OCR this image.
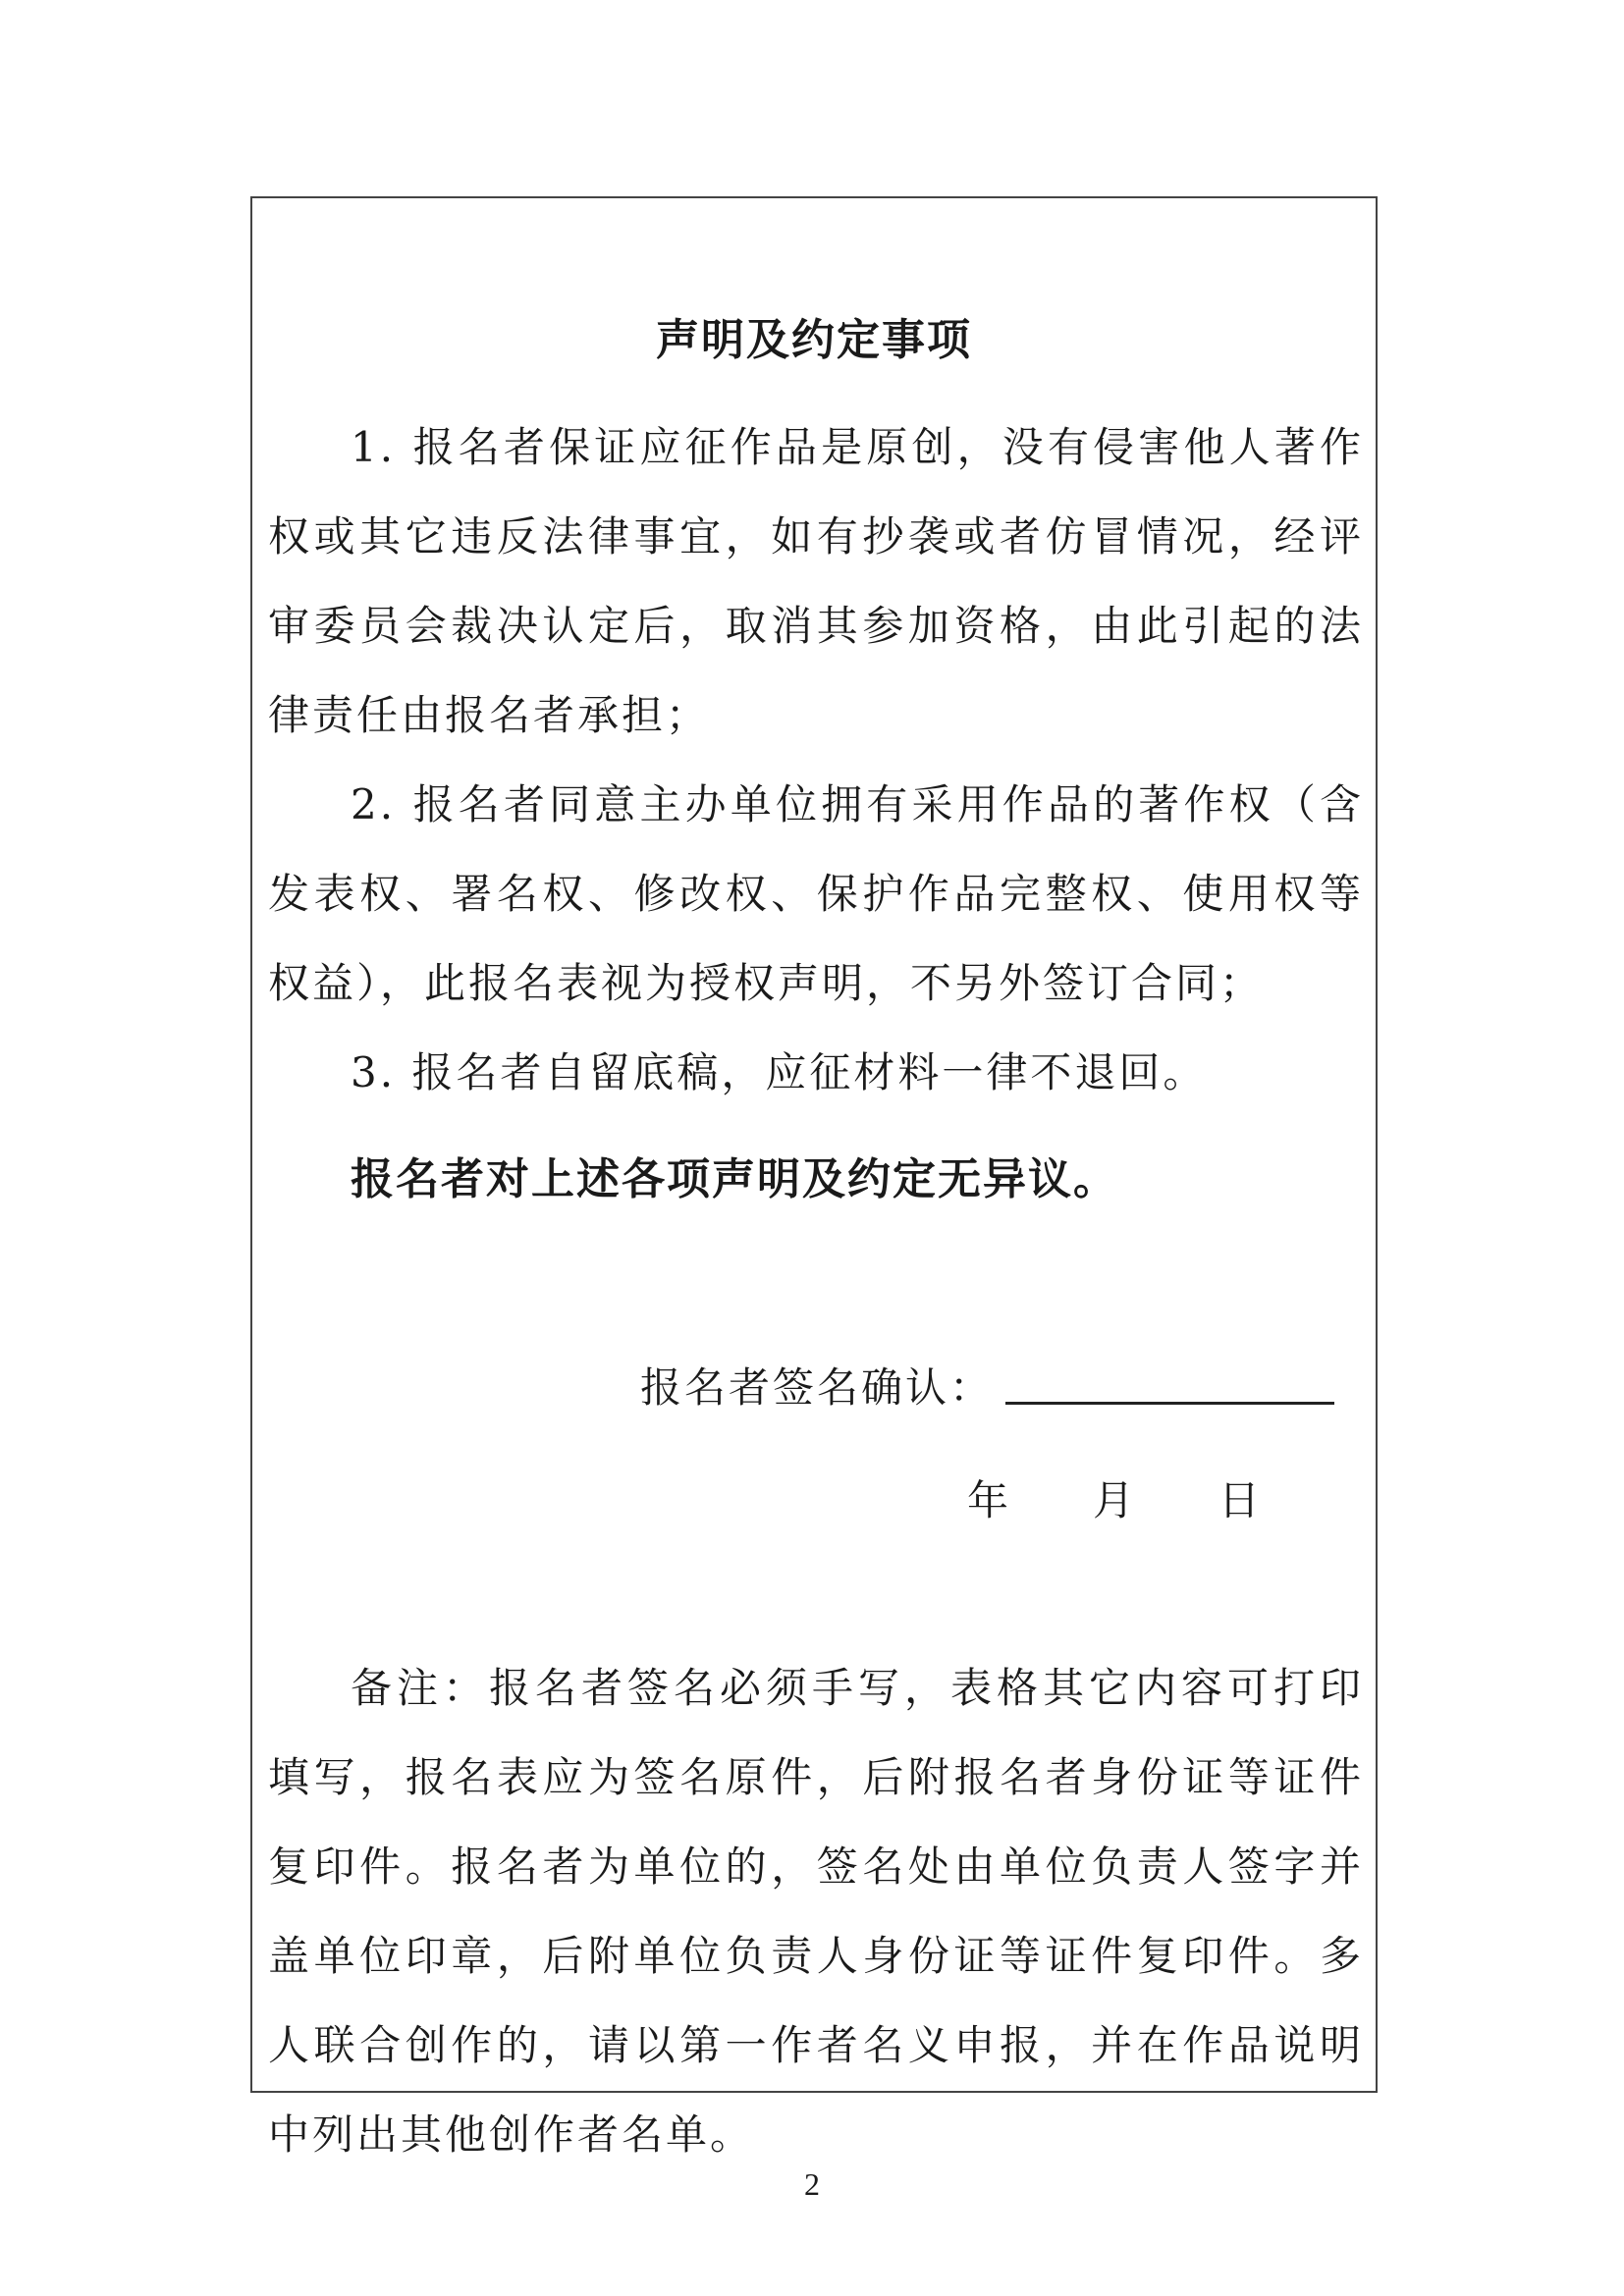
声明及约定事项

1. 报名者保证应征作品是原创，没有侵害他人著作权或其它违反法律事宜，如有抄袭或者仿冒情况，经评审委员会裁决认定后，取消其参加资格，由此引起的法律责任由报名者承担；

2. 报名者同意主办单位拥有采用作品的著作权（含发表权、署名权、修改权、保护作品完整权、使用权等权益），此报名表视为授权声明，不另外签订合同；

3. 报名者自留底稿，应征材料一律不退回。

报名者对上述各项声明及约定无异议。

报名者签名确认：
年	月	日

备注：报名者签名必须手写，表格其它内容可打印填写，报名表应为签名原件，后附报名者身份证等证件复印件。报名者为单位的，签名处由单位负责人签字并盖单位印章，后附单位负责人身份证等证件复印件。多人联合创作的，请以第一作者名义申报，并在作品说明中列出其他创作者名单。

2
